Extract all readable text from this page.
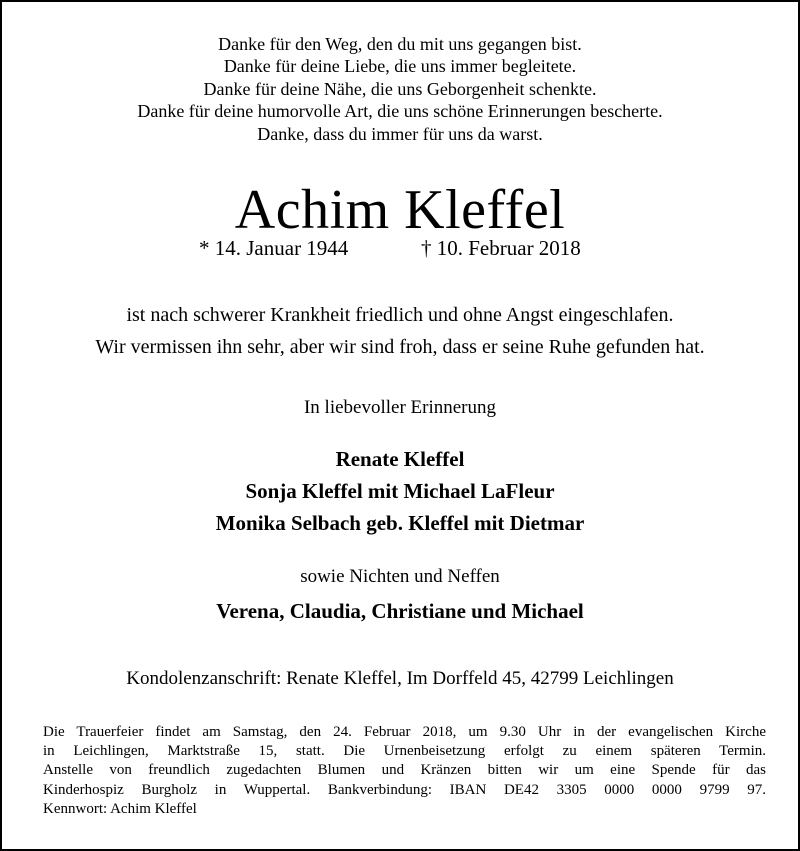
Danke für den Weg, den du mit uns gegangen bist.
Danke für deine Liebe, die uns immer begleitete.
Danke für deine Nähe, die uns Geborgenheit schenkte.
Danke für deine humorvolle Art, die uns schöne Erinnerungen bescherte.
Danke, dass du immer für uns da warst.
Achim Kleffel
* 14. Januar 1944	† 10. Februar 2018
ist nach schwerer Krankheit friedlich und ohne Angst eingeschlafen.
Wir vermissen ihn sehr, aber wir sind froh, dass er seine Ruhe gefunden hat.
In liebevoller Erinnerung
Renate Kleffel
Sonja Kleffel mit Michael LaFleur
Monika Selbach geb. Kleffel mit Dietmar
sowie Nichten und Neffen
Verena, Claudia, Christiane und Michael
Kondolenzanschrift: Renate Kleffel, Im Dorffeld 45, 42799 Leichlingen
Die Trauerfeier findet am Samstag, den 24. Februar 2018, um 9.30 Uhr in der evangelischen Kirche
in Leichlingen, Marktstraße 15, statt. Die Urnenbeisetzung erfolgt zu einem späteren Termin.
Anstelle von freundlich zugedachten Blumen und Kränzen bitten wir um eine Spende für das
Kinderhospiz Burgholz in Wuppertal. Bankverbindung: IBAN DE42 3305 0000 0000 9799 97.
Kennwort: Achim Kleffel
